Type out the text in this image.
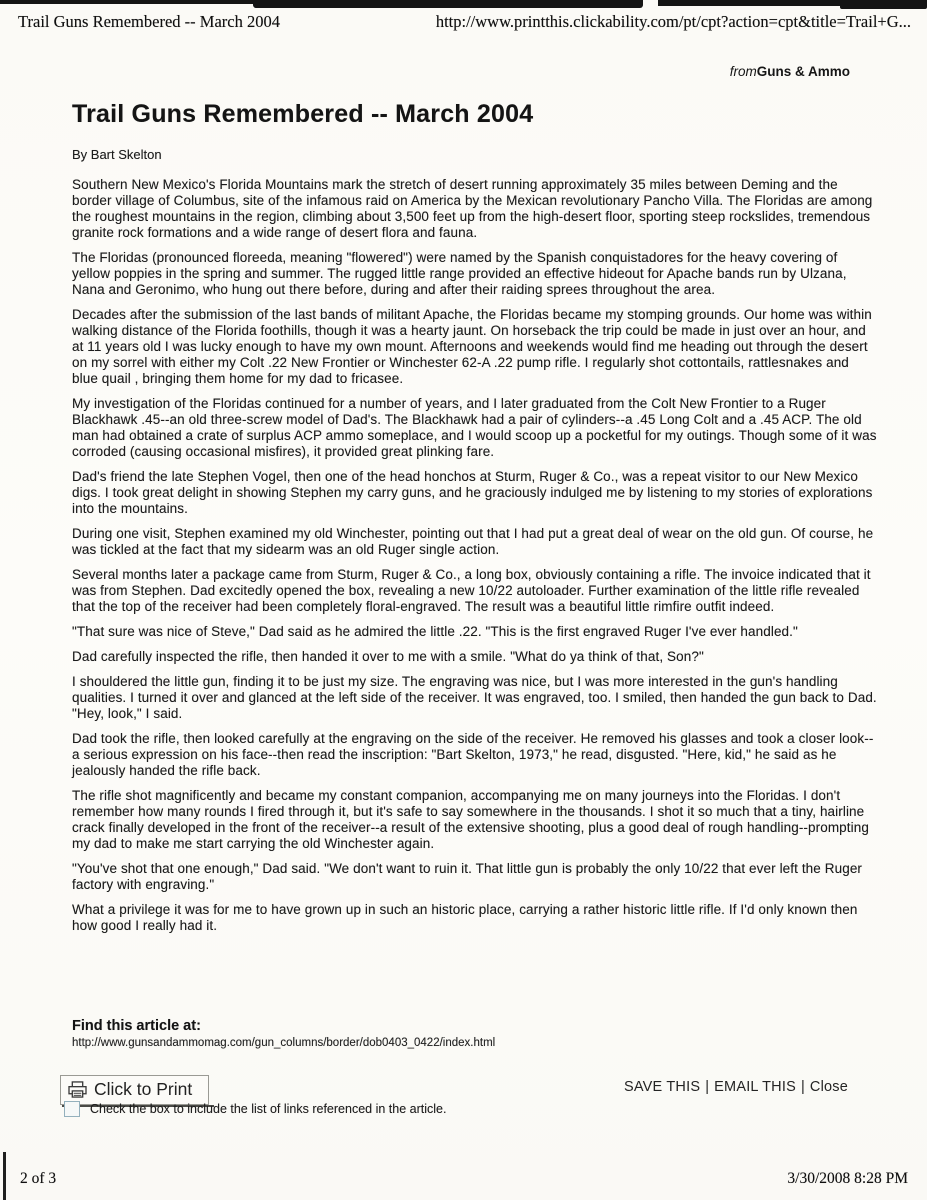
Trail Guns Remembered -- March 2004	http://www.printthis.clickability.com/pt/cpt?action=cpt&title=Trail+G...
fromGuns & Ammo
Trail Guns Remembered -- March 2004

By Bart Skelton

Southern New Mexico's Florida Mountains mark the stretch of desert running approximately 35 miles between Deming and the border village of Columbus, site of the infamous raid on America by the Mexican revolutionary Pancho Villa. The Floridas are among the roughest mountains in the region, climbing about 3,500 feet up from the high-desert floor, sporting steep rockslides, tremendous granite rock formations and a wide range of desert flora and fauna.

The Floridas (pronounced floreeda, meaning "flowered") were named by the Spanish conquistadores for the heavy covering of yellow poppies in the spring and summer. The rugged little range provided an effective hideout for Apache bands run by Ulzana, Nana and Geronimo, who hung out there before, during and after their raiding sprees throughout the area.

Decades after the submission of the last bands of militant Apache, the Floridas became my stomping grounds. Our home was within walking distance of the Florida foothills, though it was a hearty jaunt. On horseback the trip could be made in just over an hour, and at 11 years old I was lucky enough to have my own mount. Afternoons and weekends would find me heading out through the desert on my sorrel with either my Colt .22 New Frontier or Winchester 62-A .22 pump rifle. I regularly shot cottontails, rattlesnakes and blue quail , bringing them home for my dad to fricasee.

My investigation of the Floridas continued for a number of years, and I later graduated from the Colt New Frontier to a Ruger Blackhawk .45--an old three-screw model of Dad's. The Blackhawk had a pair of cylinders--a .45 Long Colt and a .45 ACP. The old man had obtained a crate of surplus ACP ammo someplace, and I would scoop up a pocketful for my outings. Though some of it was corroded (causing occasional misfires), it provided great plinking fare.

Dad's friend the late Stephen Vogel, then one of the head honchos at Sturm, Ruger & Co., was a repeat visitor to our New Mexico digs. I took great delight in showing Stephen my carry guns, and he graciously indulged me by listening to my stories of explorations into the mountains.

During one visit, Stephen examined my old Winchester, pointing out that I had put a great deal of wear on the old gun. Of course, he was tickled at the fact that my sidearm was an old Ruger single action.

Several months later a package came from Sturm, Ruger & Co., a long box, obviously containing a rifle. The invoice indicated that it was from Stephen. Dad excitedly opened the box, revealing a new 10/22 autoloader. Further examination of the little rifle revealed that the top of the receiver had been completely floral-engraved. The result was a beautiful little rimfire outfit indeed.

"That sure was nice of Steve," Dad said as he admired the little .22. "This is the first engraved Ruger I've ever handled."

Dad carefully inspected the rifle, then handed it over to me with a smile. "What do ya think of that, Son?"

I shouldered the little gun, finding it to be just my size. The engraving was nice, but I was more interested in the gun's handling qualities. I turned it over and glanced at the left side of the receiver. It was engraved, too. I smiled, then handed the gun back to Dad. "Hey, look," I said.

Dad took the rifle, then looked carefully at the engraving on the side of the receiver. He removed his glasses and took a closer look--a serious expression on his face--then read the inscription: "Bart Skelton, 1973," he read, disgusted. "Here, kid," he said as he jealously handed the rifle back.

The rifle shot magnificently and became my constant companion, accompanying me on many journeys into the Floridas. I don't remember how many rounds I fired through it, but it's safe to say somewhere in the thousands. I shot it so much that a tiny, hairline crack finally developed in the front of the receiver--a result of the extensive shooting, plus a good deal of rough handling--prompting my dad to make me start carrying the old Winchester again.

"You've shot that one enough," Dad said. "We don't want to ruin it. That little gun is probably the only 10/22 that ever left the Ruger factory with engraving."

What a privilege it was for me to have grown up in such an historic place, carrying a rather historic little rifle. If I'd only known then how good I really had it.

Find this article at:
http://www.gunsandammomag.com/gun_columns/border/dob0403_0422/index.html
Click to Print	SAVE THIS | EMAIL THIS | Close
Check the box to include the list of links referenced in the article.
2 of 3	3/30/2008 8:28 PM
